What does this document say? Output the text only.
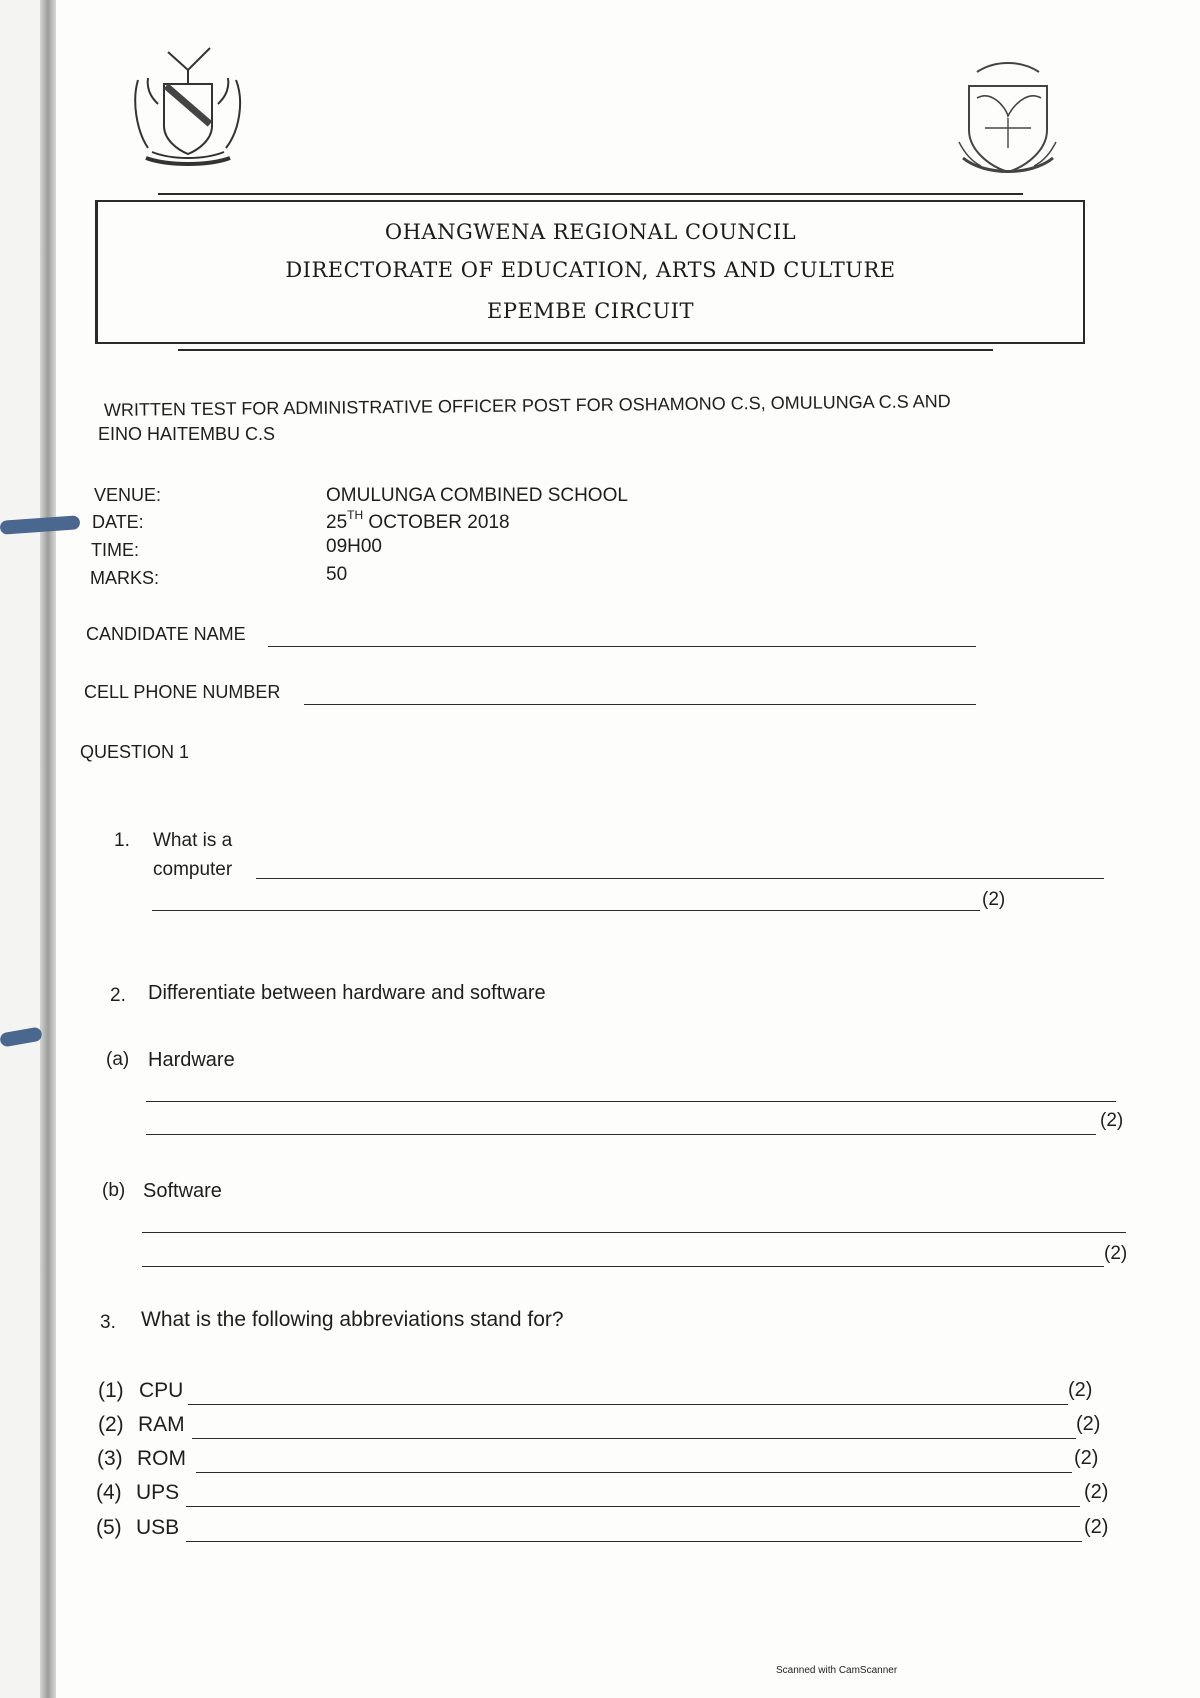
OHANGWENA REGIONAL COUNCIL
DIRECTORATE OF EDUCATION, ARTS AND CULTURE
EPEMBE CIRCUIT
WRITTEN TEST FOR ADMINISTRATIVE OFFICER POST FOR OSHAMONO C.S, OMULUNGA C.S AND
EINO HAITEMBU C.S
VENUE:	OMULUNGA COMBINED SCHOOL
DATE:	25TH OCTOBER 2018
TIME:	09H00
MARKS:	50
CANDIDATE NAME
CELL PHONE NUMBER
QUESTION 1
1. What is a
computer
(2)
2. Differentiate between hardware and software
(a) Hardware
(2)
(b) Software
(2)
3. What is the following abbreviations stand for?
(1) CPU	(2)
(2) RAM	(2)
(3) ROM	(2)
(4) UPS	(2)
(5) USB	(2)
Scanned with CamScanner
